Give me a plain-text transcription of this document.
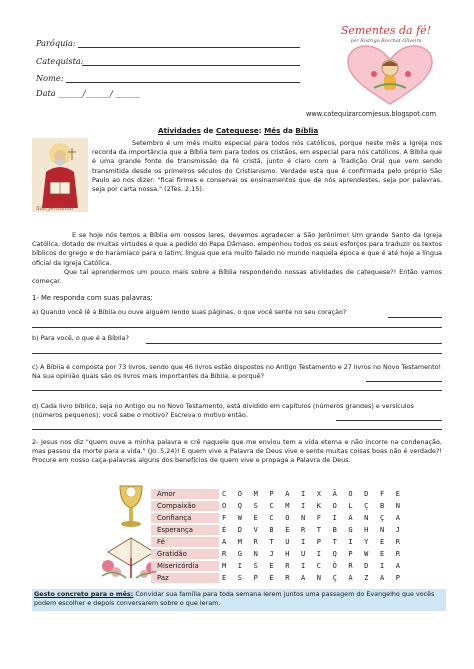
Paróquia:
Catequista:
Nome:
Data ______/______/ ______
Sementes da fé!
por Rodrigo Bocchat Oliveira
www.catequizarcomjesus.blogspot.com
Atividades de Catequese: Mês da Bíblia
São Jerônimo
Setembro é um mês muito especial para todos nós católicos, porque neste mês a Igreja nos recorda da importância que a Bíblia tem para todos os cristãos, em especial para nós católicos. A Bíblia que é uma grande fonte de transmissão da fé cristã, junto é claro com a Tradição Oral que vem sendo transmitida desde os primeiros séculos do Cristianismo. Verdade esta que é confirmada pelo próprio São Paulo ao nos dizer: "ficai firmes e conservai os ensinamentos que de nós aprendestes, seja por palavras, seja por carta nossa." (2Tes. 2,15).
E se hoje nós temos a Bíblia em nossos lares, devemos agradecer a São Jerônimo! Um grande Santo da Igreja Católica, dotado de muitas virtudes e que a pedido do Papa Dâmaso, empenhou todos os seus esforços para traduzir os textos bíblicos do grego e do haramiaco para o latim; língua que era muito falado no mundo naquela época e que é até hoje a língua oficial da Igreja Católica.
Que tal aprendermos um pouco mais sobre a Bíblia respondendo nossas atividades de catequese?! Então vamos começar.
1- Me responda com suas palavras:
a) Quando você lê a Bíblia ou ouve alguém lendo suas páginas, o que você sente no seu coração?
b) Para você, o que é a Bíblia?
c) A Bíblia é composta por 73 livros, sendo que 46 livros estão dispostos no Antigo Testamento e 27 livros no Novo Testamento! Na sua opinião quais são os livros mais importantes da Bíblia, e porquê?
d) Cada livro bíblico, seja no Antigo ou no Novo Testamento, está dividido em capítulos (números grandes) e versículos (números pequenos); você sabe o motivo? Escreva o motivo então.
2- Jesus nos diz "quem ouve a minha palavra e crê naquele que me enviou tem a vida eterna e não incorre na condenação, mas passou da morte para a vida." (Jo. 5,24)! E quem vive a Palavra de Deus vive e sente muitas coisas boas não é verdade?! Procure em nosso caça-palavras alguns dos benefícios de quem vive e propaga a Palavra de Deus.
Amor
Compaixão
Confiança
Esperança
Fé
Gratidão
Misericórdia
Paz
C O M P A I X Ã O D F E
O Q S C M I K O L Ç B N
F W E C O N F I A N Ç A
É D V B E R T B G H N J
A M R T U I P T I Y E R
R G N J H U I Q P W E R
M I S E R I C Ó R D I A
E S P E R A N Ç A Z A P
Gesto concreto para o mês: Convidar sua família para toda semana lerem juntos uma passagem do Evangelho que vocês podem escolher e depois conversarem sobre o que leram.
